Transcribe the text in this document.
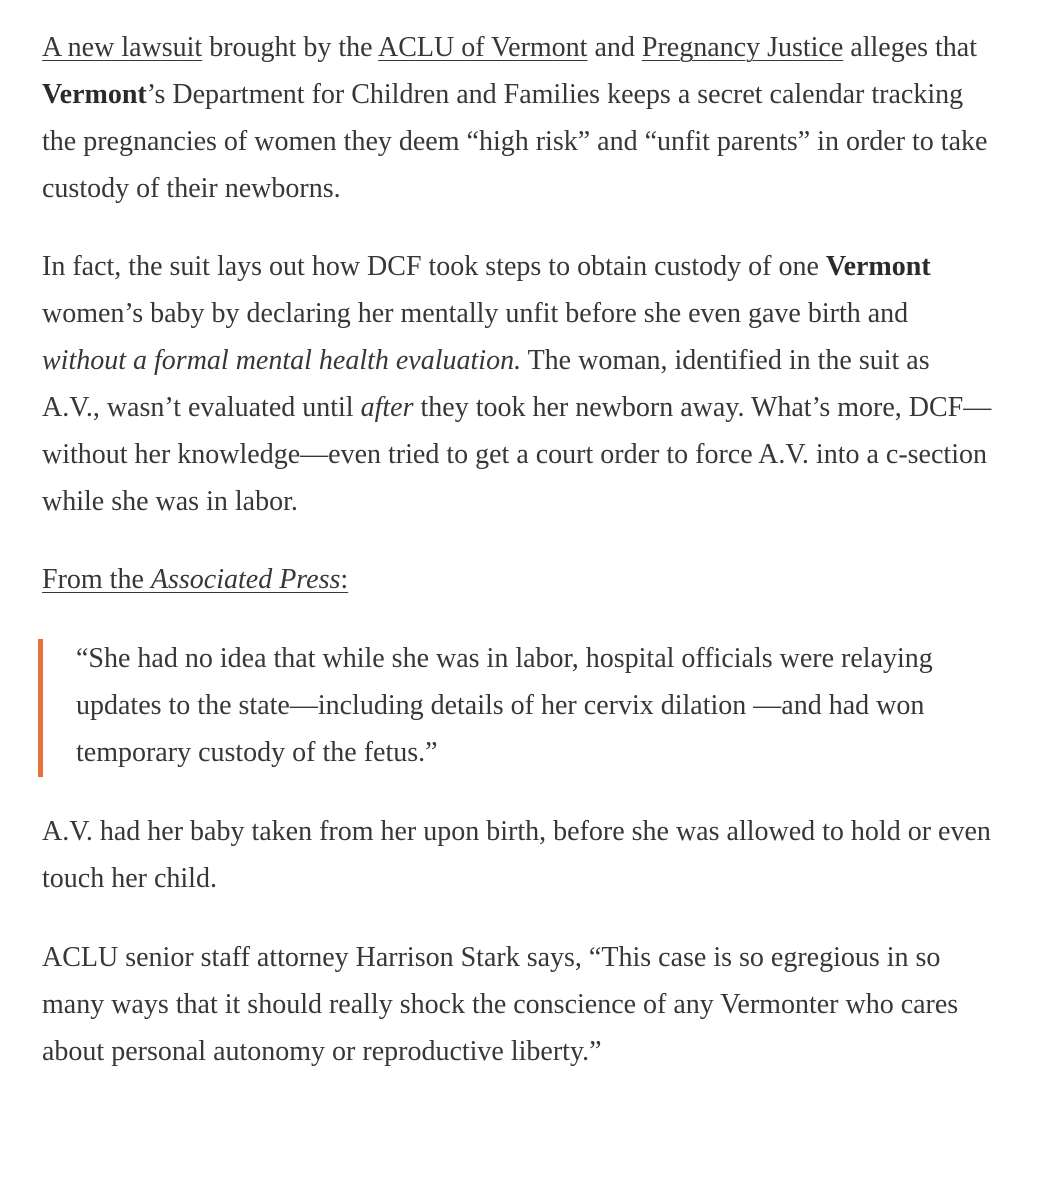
A new lawsuit brought by the ACLU of Vermont and Pregnancy Justice alleges that Vermont’s Department for Children and Families keeps a secret calendar tracking the pregnancies of women they deem “high risk” and “unfit parents” in order to take custody of their newborns.

In fact, the suit lays out how DCF took steps to obtain custody of one Vermont women’s baby by declaring her mentally unfit before she even gave birth and without a formal mental health evaluation. The woman, identified in the suit as A.V., wasn’t evaluated until after they took her newborn away. What’s more, DCF—without her knowledge—even tried to get a court order to force A.V. into a c-section while she was in labor.

From the Associated Press:

“She had no idea that while she was in labor, hospital officials were relaying updates to the state—including details of her cervix dilation —and had won temporary custody of the fetus.”

A.V. had her baby taken from her upon birth, before she was allowed to hold or even touch her child.

ACLU senior staff attorney Harrison Stark says, “This case is so egregious in so many ways that it should really shock the conscience of any Vermonter who cares about personal autonomy or reproductive liberty.”
